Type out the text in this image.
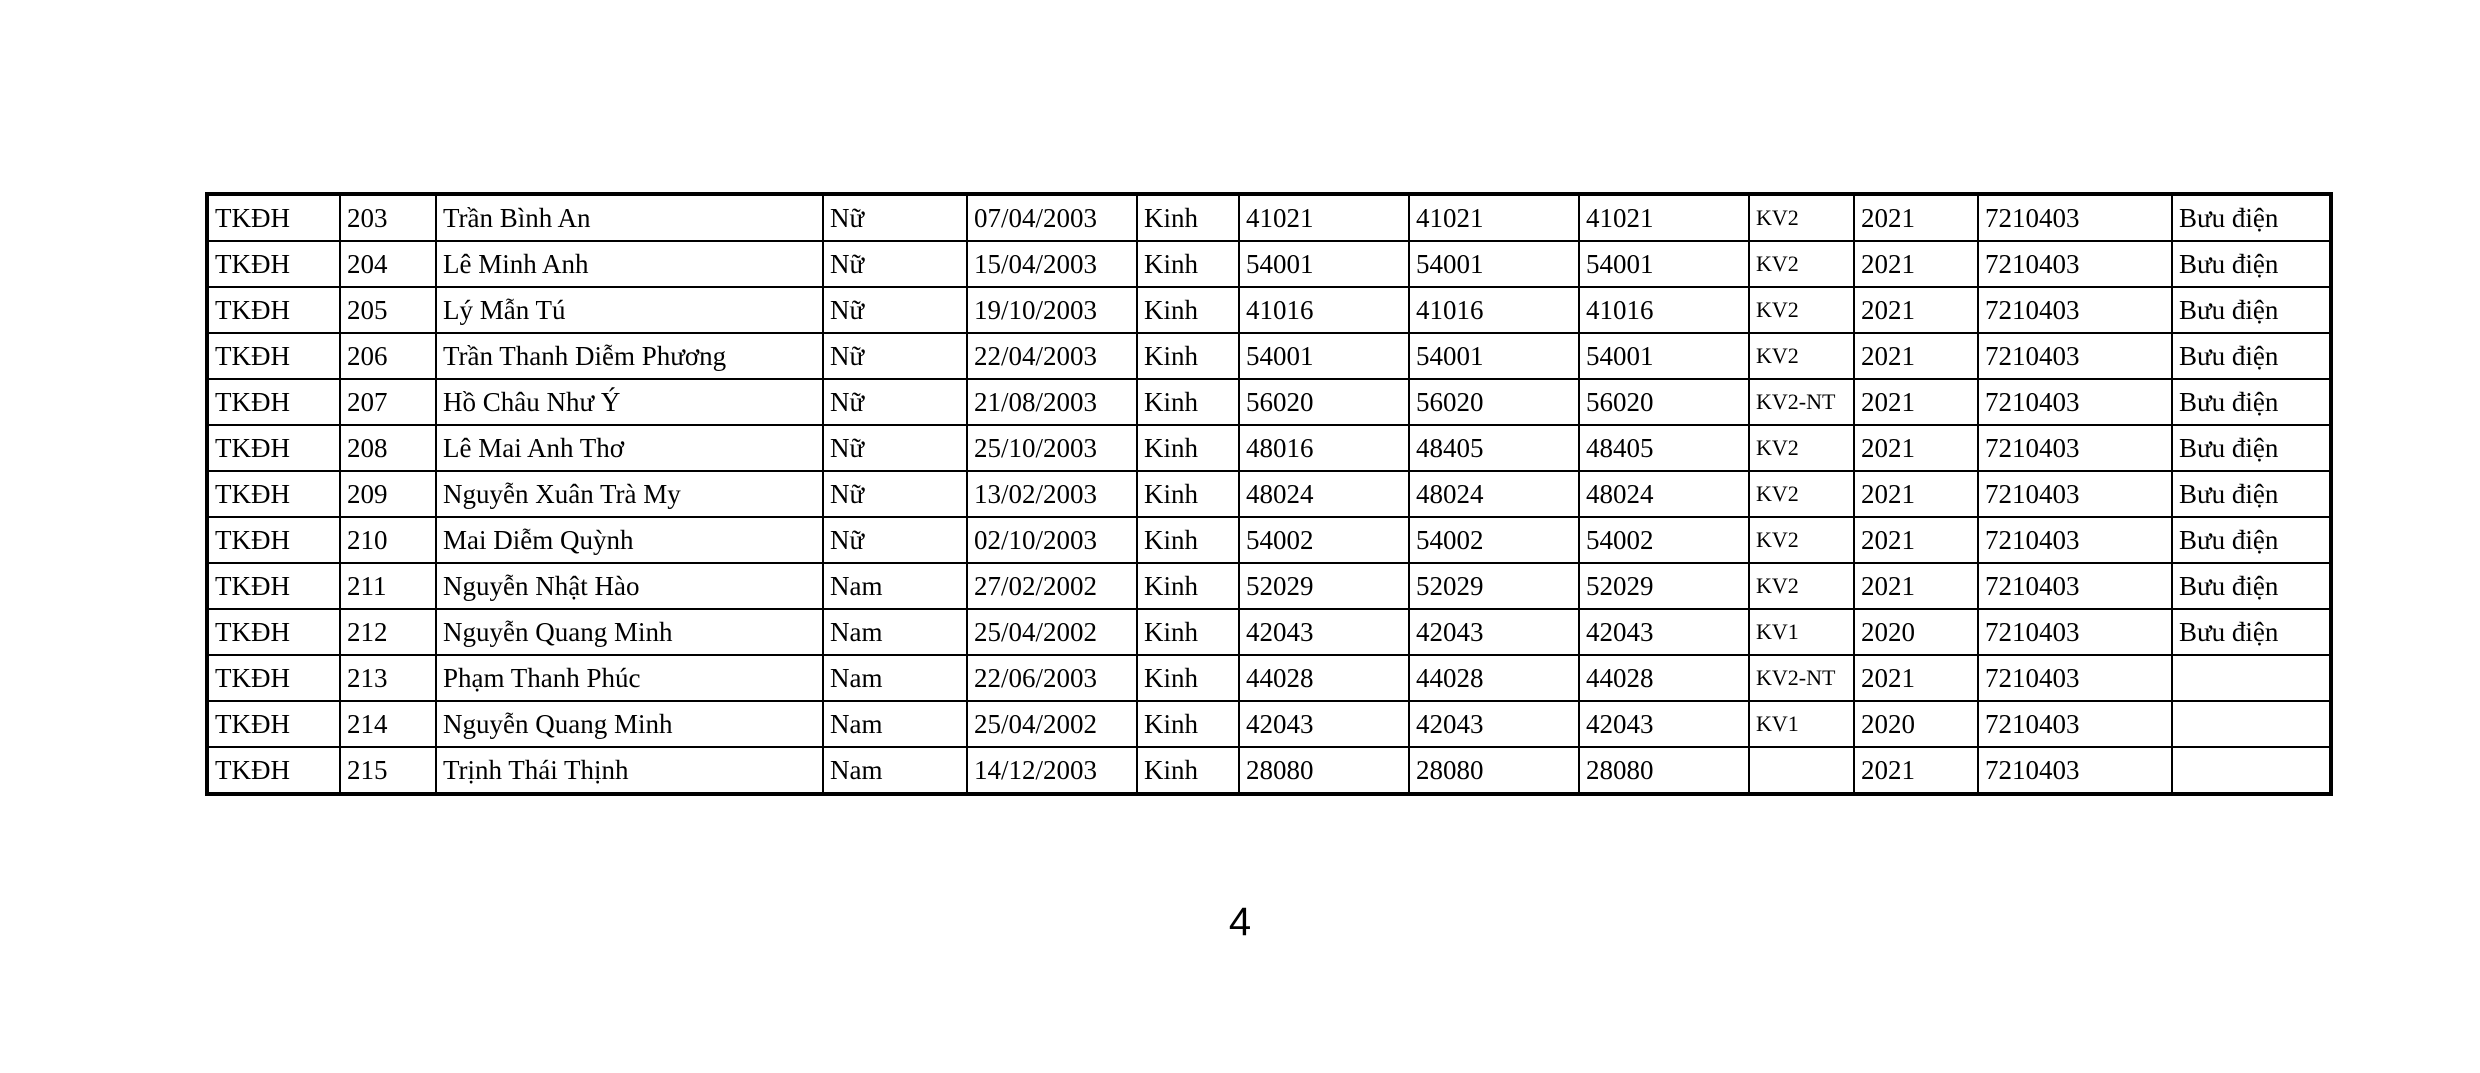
TKĐH	203	Trần Bình An	Nữ	07/04/2003	Kinh	41021	41021	41021	KV2	2021	7210403	Bưu điện
TKĐH	204	Lê Minh Anh	Nữ	15/04/2003	Kinh	54001	54001	54001	KV2	2021	7210403	Bưu điện
TKĐH	205	Lý Mẫn Tú	Nữ	19/10/2003	Kinh	41016	41016	41016	KV2	2021	7210403	Bưu điện
TKĐH	206	Trần Thanh Diễm Phương	Nữ	22/04/2003	Kinh	54001	54001	54001	KV2	2021	7210403	Bưu điện
TKĐH	207	Hồ Châu Như Ý	Nữ	21/08/2003	Kinh	56020	56020	56020	KV2-NT	2021	7210403	Bưu điện
TKĐH	208	Lê Mai Anh Thơ	Nữ	25/10/2003	Kinh	48016	48405	48405	KV2	2021	7210403	Bưu điện
TKĐH	209	Nguyễn Xuân Trà My	Nữ	13/02/2003	Kinh	48024	48024	48024	KV2	2021	7210403	Bưu điện
TKĐH	210	Mai Diễm Quỳnh	Nữ	02/10/2003	Kinh	54002	54002	54002	KV2	2021	7210403	Bưu điện
TKĐH	211	Nguyễn Nhật Hào	Nam	27/02/2002	Kinh	52029	52029	52029	KV2	2021	7210403	Bưu điện
TKĐH	212	Nguyễn Quang Minh	Nam	25/04/2002	Kinh	42043	42043	42043	KV1	2020	7210403	Bưu điện
TKĐH	213	Phạm Thanh Phúc	Nam	22/06/2003	Kinh	44028	44028	44028	KV2-NT	2021	7210403	
TKĐH	214	Nguyễn Quang Minh	Nam	25/04/2002	Kinh	42043	42043	42043	KV1	2020	7210403	
TKĐH	215	Trịnh Thái Thịnh	Nam	14/12/2003	Kinh	28080	28080	28080		2021	7210403	
4
